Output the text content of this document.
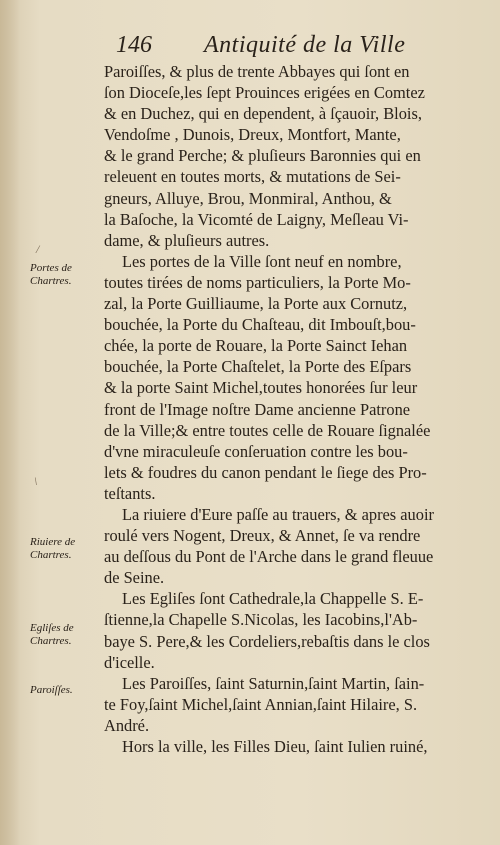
146 Antiquité de la Ville
/
Portes de Chartres.
\
Riuiere de Chartres.
Egliſes de Chartres.
Paroiſſes.
Paroiſſes, & plus de trente Abbayes qui ſont en
ſon Dioceſe,les ſept Prouinces erigées en Comtez
& en Duchez, qui en dependent, à ſçauoir, Blois,
Vendoſme , Dunois, Dreux, Montfort, Mante,
& le grand Perche; & pluſieurs Baronnies qui en
releuent en toutes morts, & mutations de Sei-
gneurs, Alluye, Brou, Monmiral, Anthou, &
la Baſoche, la Vicomté de Laigny, Meſleau Vi-
dame, & pluſieurs autres.
Les portes de la Ville ſont neuf en nombre,
toutes tirées de noms particuliers, la Porte Mo-
zal, la Porte Guilliaume, la Porte aux Cornutz,
bouchée, la Porte du Chaſteau, dit Imbouſt,bou-
chée, la porte de Rouare, la Porte Sainct Iehan
bouchée, la Porte Chaſtelet, la Porte des Eſpars
& la porte Saint Michel,toutes honorées ſur leur
front de l'Image noſtre Dame ancienne Patrone
de la Ville;& entre toutes celle de Rouare ſignalée
d'vne miraculeuſe conſeruation contre les bou-
lets & foudres du canon pendant le ſiege des Pro-
teſtants.
La riuiere d'Eure paſſe au trauers, & apres auoir
roulé vers Nogent, Dreux, & Annet, ſe va rendre
au deſſous du Pont de l'Arche dans le grand fleuue
de Seine.
Les Egliſes ſont Cathedrale,la Chappelle S. E-
ſtienne,la Chapelle S.Nicolas, les Iacobins,l'Ab-
baye S. Pere,& les Cordeliers,rebaſtis dans le clos
d'icelle.
Les Paroiſſes, ſaint Saturnin,ſaint Martin, ſain-
te Foy,ſaint Michel,ſaint Annian,ſaint Hilaire, S.
André.
Hors la ville, les Filles Dieu, ſaint Iulien ruiné,
